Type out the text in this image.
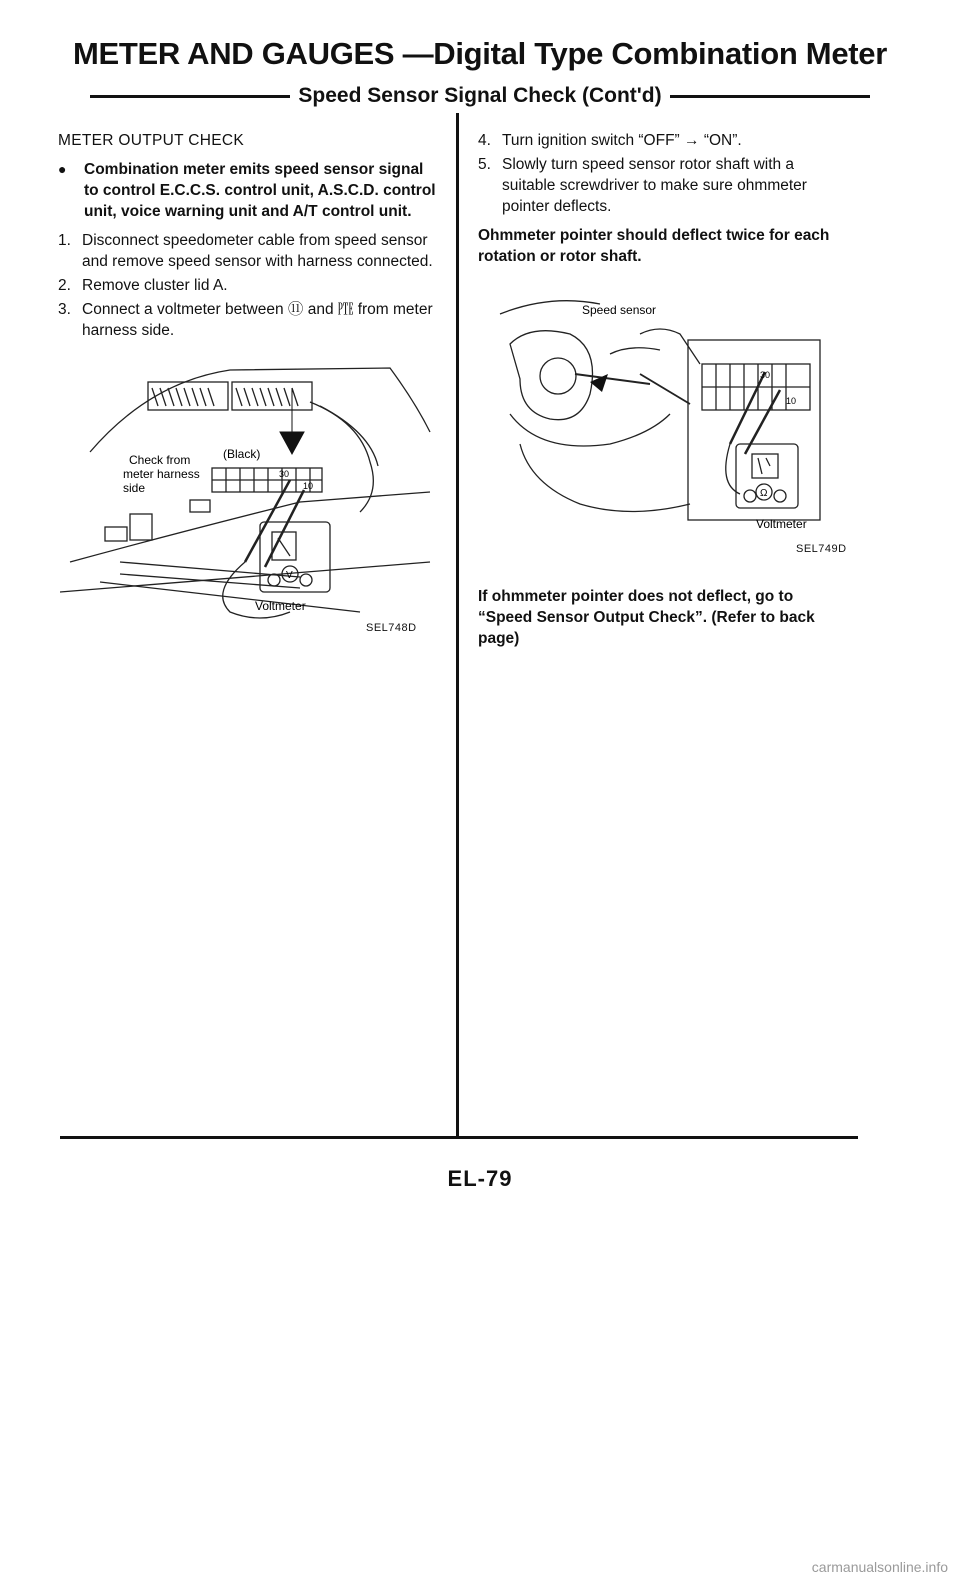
METER AND GAUGES —Digital Type Combination Meter
Speed Sensor Signal Check (Cont'd)
METER OUTPUT CHECK
●	Combination meter emits speed sensor signal to control E.C.C.S. control unit, A.S.C.D. control unit, voice warning unit and A/T control unit.
1. Disconnect speedometer cable from speed sensor and remove speed sensor with harness connected.
2. Remove cluster lid A.
3. Connect a voltmeter between ⑪ and ㉐ from meter harness side.
Check from
meter harness
side
(Black)
30
10
V
Voltmeter
SEL748D
4. Turn ignition switch “OFF” → “ON”.
5. Slowly turn speed sensor rotor shaft with a suitable screwdriver to make sure ohmmeter pointer deflects.
Ohmmeter pointer should deflect twice for each rotation or rotor shaft.
Speed sensor
30
10
Ω
Voltmeter
SEL749D
If ohmmeter pointer does not deflect, go to “Speed Sensor Output Check”. (Refer to back page)
EL-79
carmanualsonline.info
